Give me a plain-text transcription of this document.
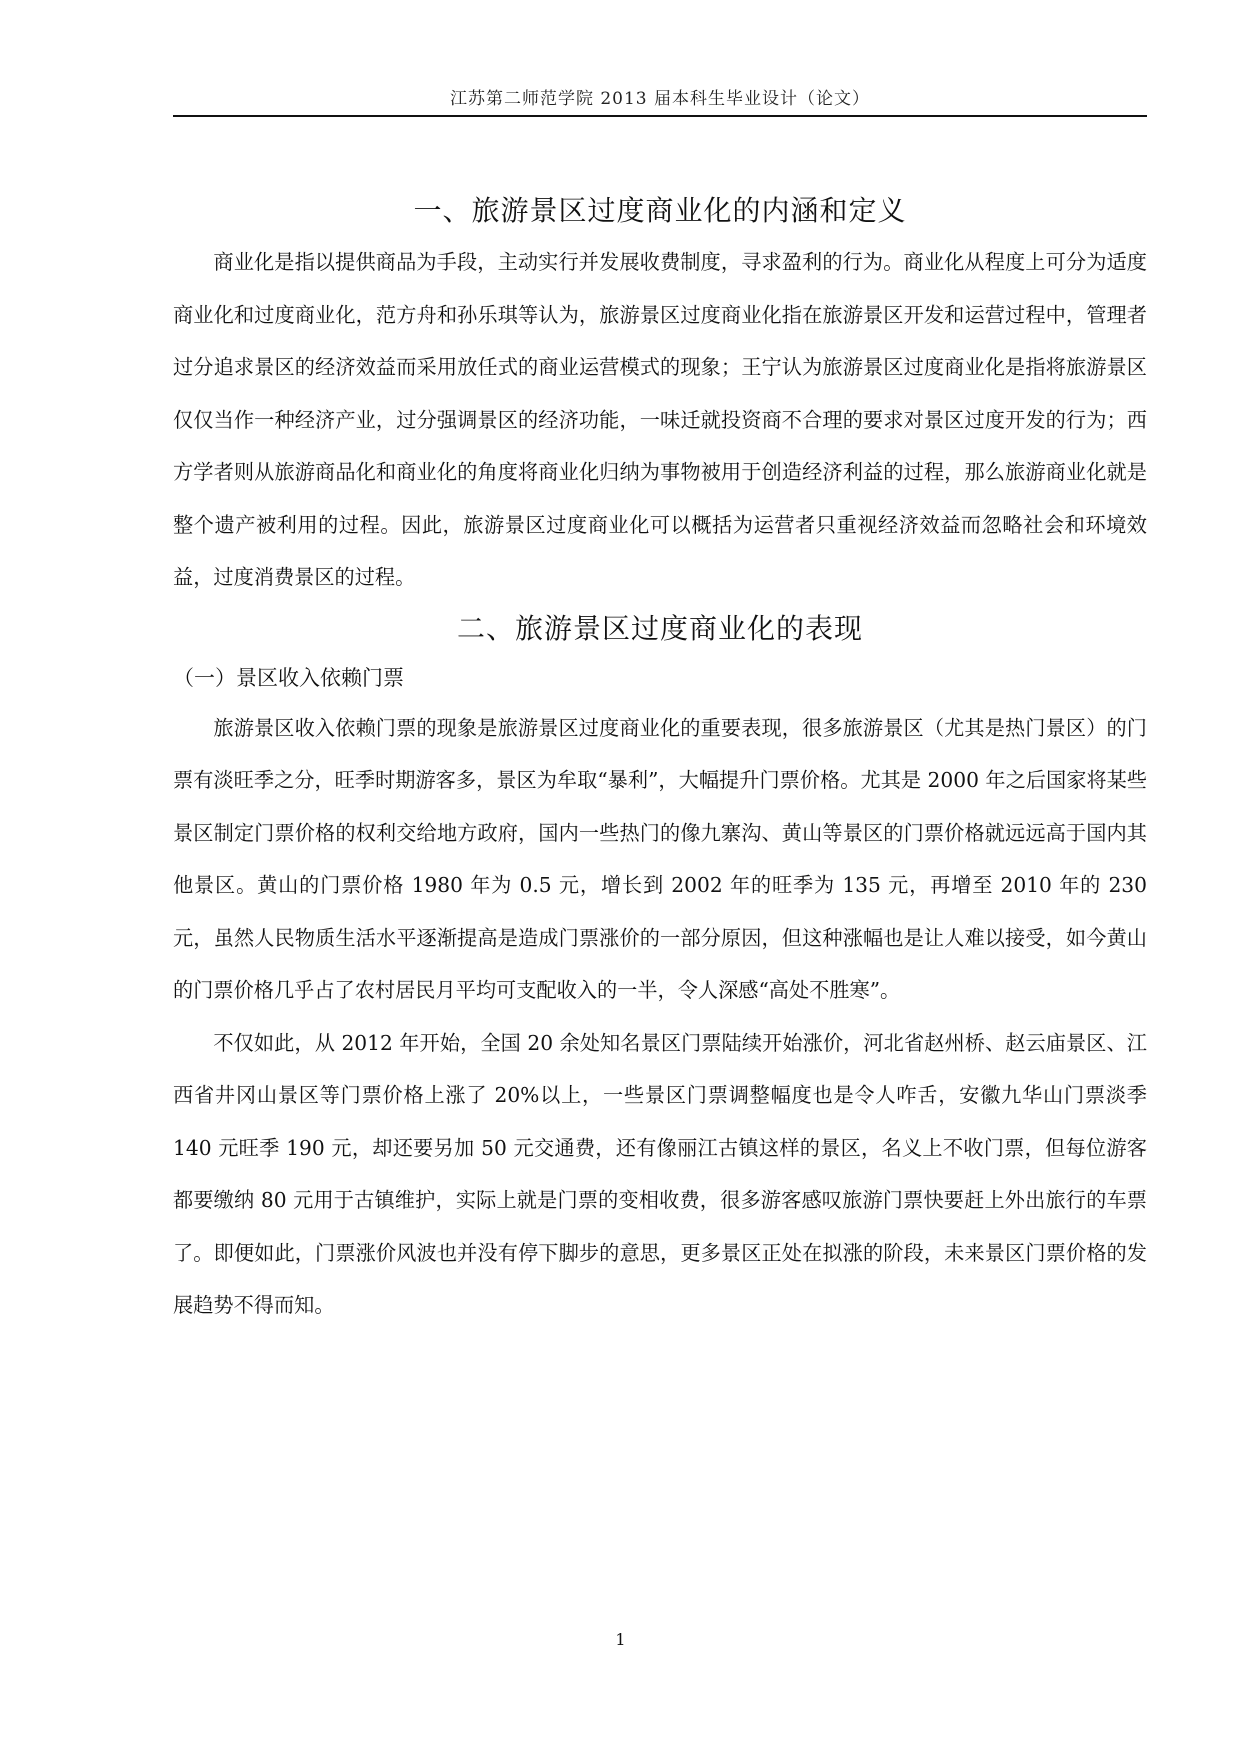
江苏第二师范学院 2013 届本科生毕业设计（论文）
一、旅游景区过度商业化的内涵和定义

商业化是指以提供商品为手段，主动实行并发展收费制度，寻求盈利的行为。商业化从程度上可分为适度商业化和过度商业化，范方舟和孙乐琪等认为，旅游景区过度商业化指在旅游景区开发和运营过程中，管理者过分追求景区的经济效益而采用放任式的商业运营模式的现象；王宁认为旅游景区过度商业化是指将旅游景区仅仅当作一种经济产业，过分强调景区的经济功能，一味迁就投资商不合理的要求对景区过度开发的行为；西方学者则从旅游商品化和商业化的角度将商业化归纳为事物被用于创造经济利益的过程，那么旅游商业化就是整个遗产被利用的过程。因此，旅游景区过度商业化可以概括为运营者只重视经济效益而忽略社会和环境效益，过度消费景区的过程。

二、旅游景区过度商业化的表现
（一）景区收入依赖门票

旅游景区收入依赖门票的现象是旅游景区过度商业化的重要表现，很多旅游景区（尤其是热门景区）的门票有淡旺季之分，旺季时期游客多，景区为牟取“暴利”，大幅提升门票价格。尤其是 2000 年之后国家将某些景区制定门票价格的权利交给地方政府，国内一些热门的像九寨沟、黄山等景区的门票价格就远远高于国内其他景区。黄山的门票价格 1980 年为 0.5 元，增长到 2002 年的旺季为 135 元，再增至 2010 年的 230 元，虽然人民物质生活水平逐渐提高是造成门票涨价的一部分原因，但这种涨幅也是让人难以接受，如今黄山的门票价格几乎占了农村居民月平均可支配收入的一半，令人深感“高处不胜寒”。

不仅如此，从 2012 年开始，全国 20 余处知名景区门票陆续开始涨价，河北省赵州桥、赵云庙景区、江西省井冈山景区等门票价格上涨了 20%以上，一些景区门票调整幅度也是令人咋舌，安徽九华山门票淡季 140 元旺季 190 元，却还要另加 50 元交通费，还有像丽江古镇这样的景区，名义上不收门票，但每位游客都要缴纳 80 元用于古镇维护，实际上就是门票的变相收费，很多游客感叹旅游门票快要赶上外出旅行的车票了。即便如此，门票涨价风波也并没有停下脚步的意思，更多景区正处在拟涨的阶段，未来景区门票价格的发展趋势不得而知。

1
